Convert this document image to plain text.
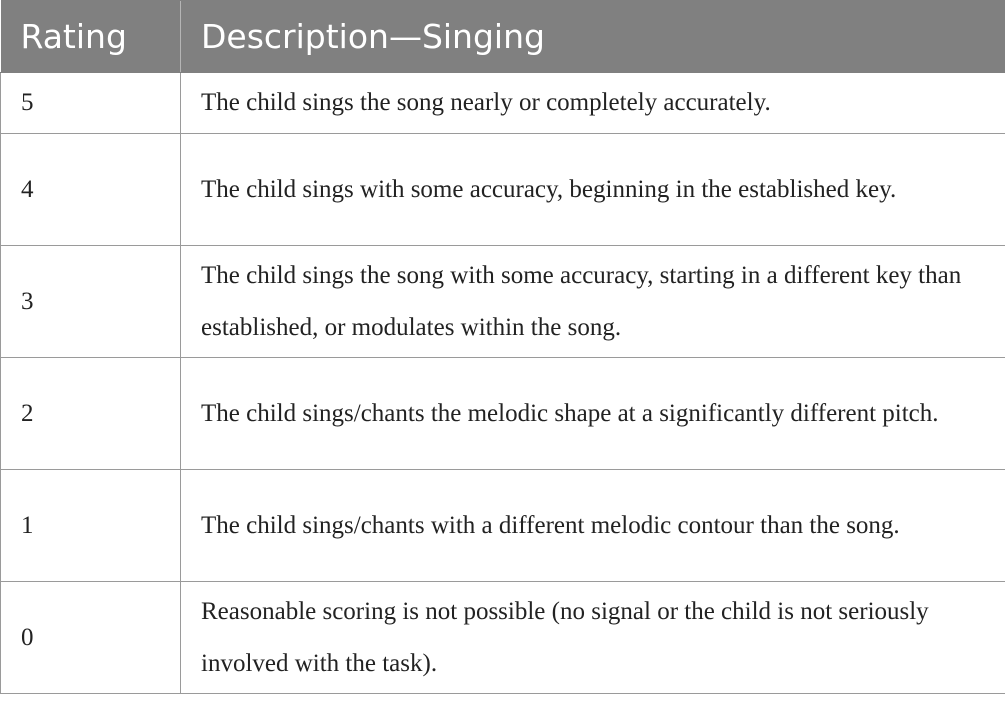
Rating	Description—Singing
5	The child sings the song nearly or completely accurately.
4	The child sings with some accuracy, beginning in the established key.
3	The child sings the song with some accuracy, starting in a different key than established, or modulates within the song.
2	The child sings/chants the melodic shape at a significantly different pitch.
1	The child sings/chants with a different melodic contour than the song.
0	Reasonable scoring is not possible (no signal or the child is not seriously involved with the task).
